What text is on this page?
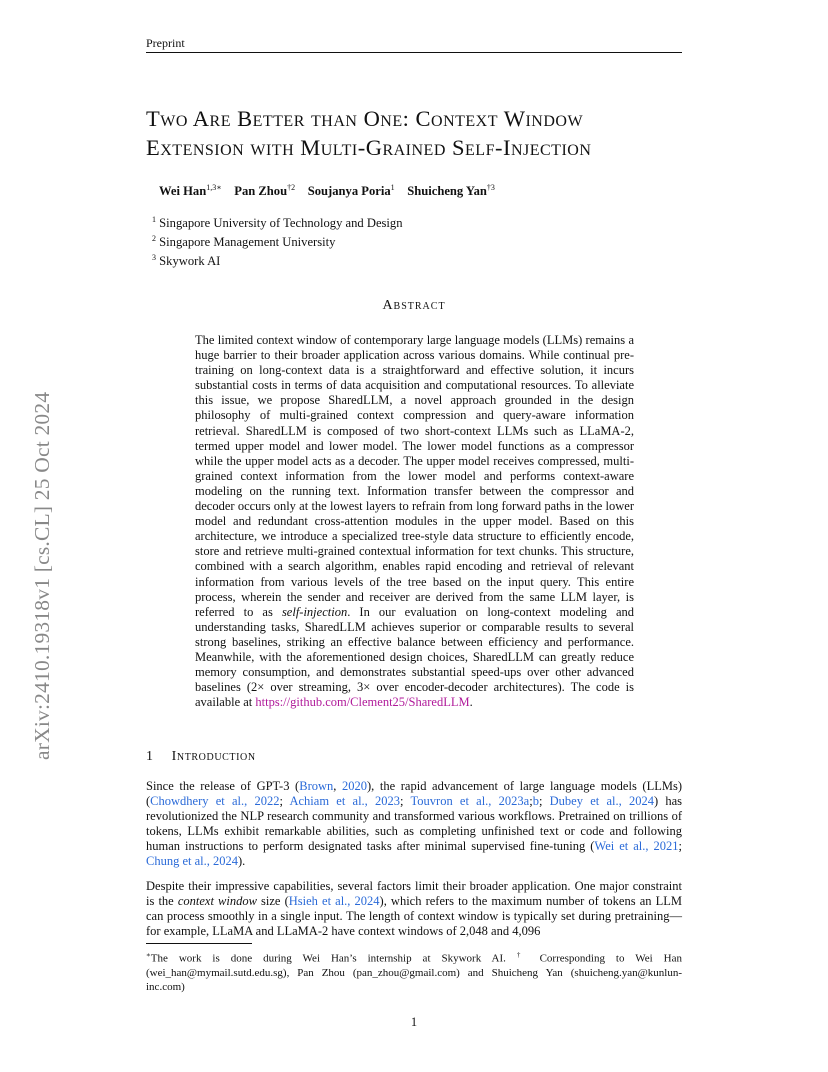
Preprint
arXiv:2410.19318v1 [cs.CL] 25 Oct 2024
Two Are Better than One: Context Window
Extension with Multi-Grained Self-Injection
Wei Han$^{1,3∗}$ Pan Zhou$^{\dagger 2}$ Soujanya Poria$^1$ Shuicheng Yan$^{\dagger 3}$
$^1$ Singapore University of Technology and Design
$^2$ Singapore Management University
$^3$ Skywork AI
Abstract
The limited context window of contemporary large language models (LLMs) remains a huge barrier to their broader application across various domains. While continual pre-training on long-context data is a straightforward and effective solution, it incurs substantial costs in terms of data acquisition and computational resources. To alleviate this issue, we propose SharedLLM, a novel approach grounded in the design philosophy of multi-grained context compression and query-aware information retrieval. SharedLLM is composed of two short-context LLMs such as LLaMA-2, termed upper model and lower model. The lower model functions as a compressor while the upper model acts as a decoder. The upper model receives compressed, multi-grained context information from the lower model and performs context-aware modeling on the running text. Information transfer between the compressor and decoder occurs only at the lowest layers to refrain from long forward paths in the lower model and redundant cross-attention modules in the upper model. Based on this architecture, we introduce a specialized tree-style data structure to efficiently encode, store and retrieve multi-grained contextual information for text chunks. This structure, combined with a search algorithm, enables rapid encoding and retrieval of relevant information from various levels of the tree based on the input query. This entire process, wherein the sender and receiver are derived from the same LLM layer, is referred to as self-injection. In our evaluation on long-context modeling and understanding tasks, SharedLLM achieves superior or comparable results to several strong baselines, striking an effective balance between efficiency and performance. Meanwhile, with the aforementioned design choices, SharedLLM can greatly reduce memory consumption, and demonstrates substantial speed-ups over other advanced baselines (2× over streaming, 3× over encoder-decoder architectures). The code is available at https://github.com/Clement25/SharedLLM.
1 Introduction
Since the release of GPT-3 (Brown, 2020), the rapid advancement of large language models (LLMs) (Chowdhery et al., 2022; Achiam et al., 2023; Touvron et al., 2023a;b; Dubey et al., 2024) has revolutionized the NLP research community and transformed various workflows. Pretrained on trillions of tokens, LLMs exhibit remarkable abilities, such as completing unfinished text or code and following human instructions to perform designated tasks after minimal supervised fine-tuning (Wei et al., 2021; Chung et al., 2024).
Despite their impressive capabilities, several factors limit their broader application. One major constraint is the context window size (Hsieh et al., 2024), which refers to the maximum number of tokens an LLM can process smoothly in a single input. The length of context window is typically set during pretraining—for example, LLaMA and LLaMA-2 have context windows of 2,048 and 4,096
∗The work is done during Wei Han’s internship at Skywork AI. † Corresponding to Wei Han (wei_han@mymail.sutd.edu.sg), Pan Zhou (pan_zhou@gmail.com) and Shuicheng Yan (shuicheng.yan@kunlun-inc.com)
1
